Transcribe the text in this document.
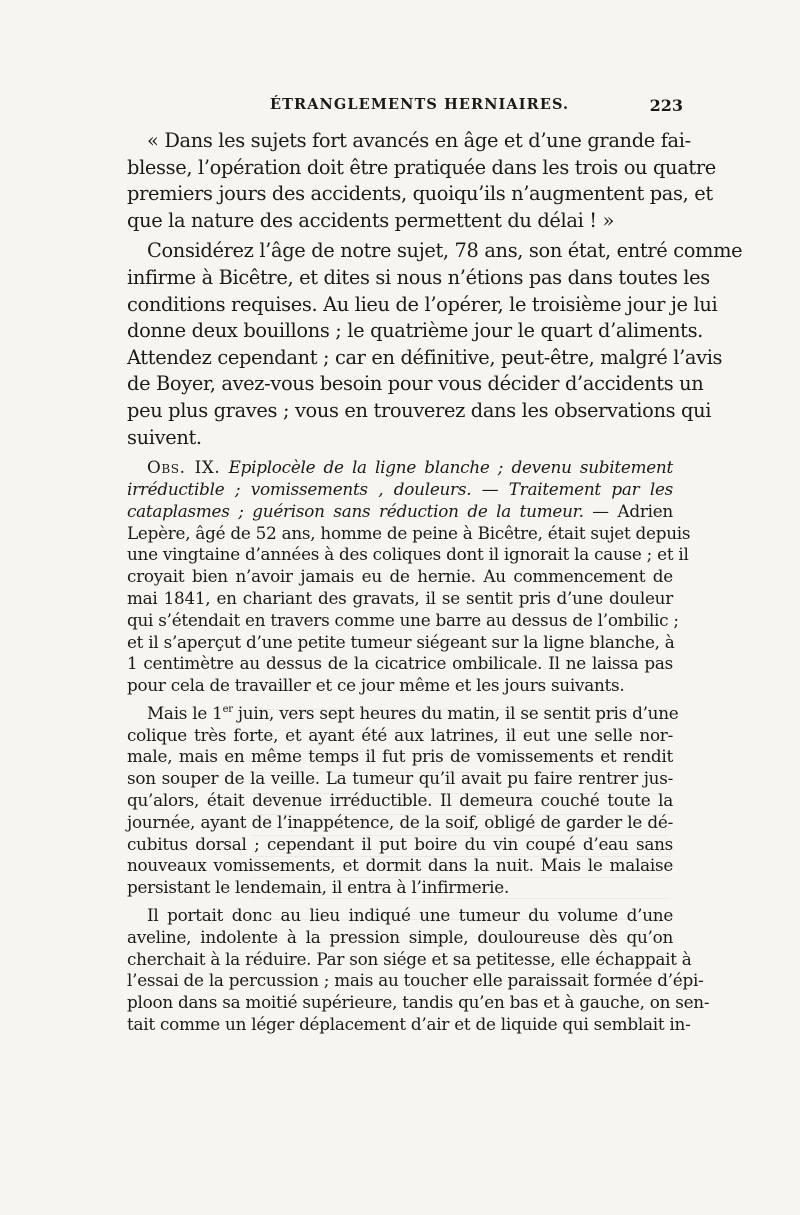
ÉTRANGLEMENTS HERNIAIRES.	223

« Dans les sujets fort avancés en âge et d’une grande fai-
blesse, l’opération doit être pratiquée dans les trois ou quatre
premiers jours des accidents, quoiqu’ils n’augmentent pas, et
que la nature des accidents permettent du délai ! »

Considérez l’âge de notre sujet, 78 ans, son état, entré comme
infirme à Bicêtre, et dites si nous n’étions pas dans toutes les
conditions requises. Au lieu de l’opérer, le troisième jour je lui
donne deux bouillons ; le quatrième jour le quart d’aliments.
Attendez cependant ; car en définitive, peut-être, malgré l’avis
de Boyer, avez-vous besoin pour vous décider d’accidents un
peu plus graves ; vous en trouverez dans les observations qui
suivent.

Obs. IX. Epiplocèle de la ligne blanche ; devenu subitement
irréductible ; vomissements , douleurs. — Traitement par les
cataplasmes ; guérison sans réduction de la tumeur. — Adrien
Lepère, âgé de 52 ans, homme de peine à Bicêtre, était sujet depuis
une vingtaine d’années à des coliques dont il ignorait la cause ; et il
croyait bien n’avoir jamais eu de hernie. Au commencement de
mai 1841, en chariant des gravats, il se sentit pris d’une douleur
qui s’étendait en travers comme une barre au dessus de l’ombilic ;
et il s’aperçut d’une petite tumeur siégeant sur la ligne blanche, à
1 centimètre au dessus de la cicatrice ombilicale. Il ne laissa pas
pour cela de travailler et ce jour même et les jours suivants.

Mais le 1er juin, vers sept heures du matin, il se sentit pris d’une
colique très forte, et ayant été aux latrines, il eut une selle nor-
male, mais en même temps il fut pris de vomissements et rendit
son souper de la veille. La tumeur qu’il avait pu faire rentrer jus-
qu’alors, était devenue irréductible. Il demeura couché toute la
journée, ayant de l’inappétence, de la soif, obligé de garder le dé-
cubitus dorsal ; cependant il put boire du vin coupé d’eau sans
nouveaux vomissements, et dormit dans la nuit. Mais le malaise
persistant le lendemain, il entra à l’infirmerie.

Il portait donc au lieu indiqué une tumeur du volume d’une
aveline, indolente à la pression simple, douloureuse dès qu’on
cherchait à la réduire. Par son siége et sa petitesse, elle échappait à
l’essai de la percussion ; mais au toucher elle paraissait formée d’épi-
ploon dans sa moitié supérieure, tandis qu’en bas et à gauche, on sen-
tait comme un léger déplacement d’air et de liquide qui semblait in-
